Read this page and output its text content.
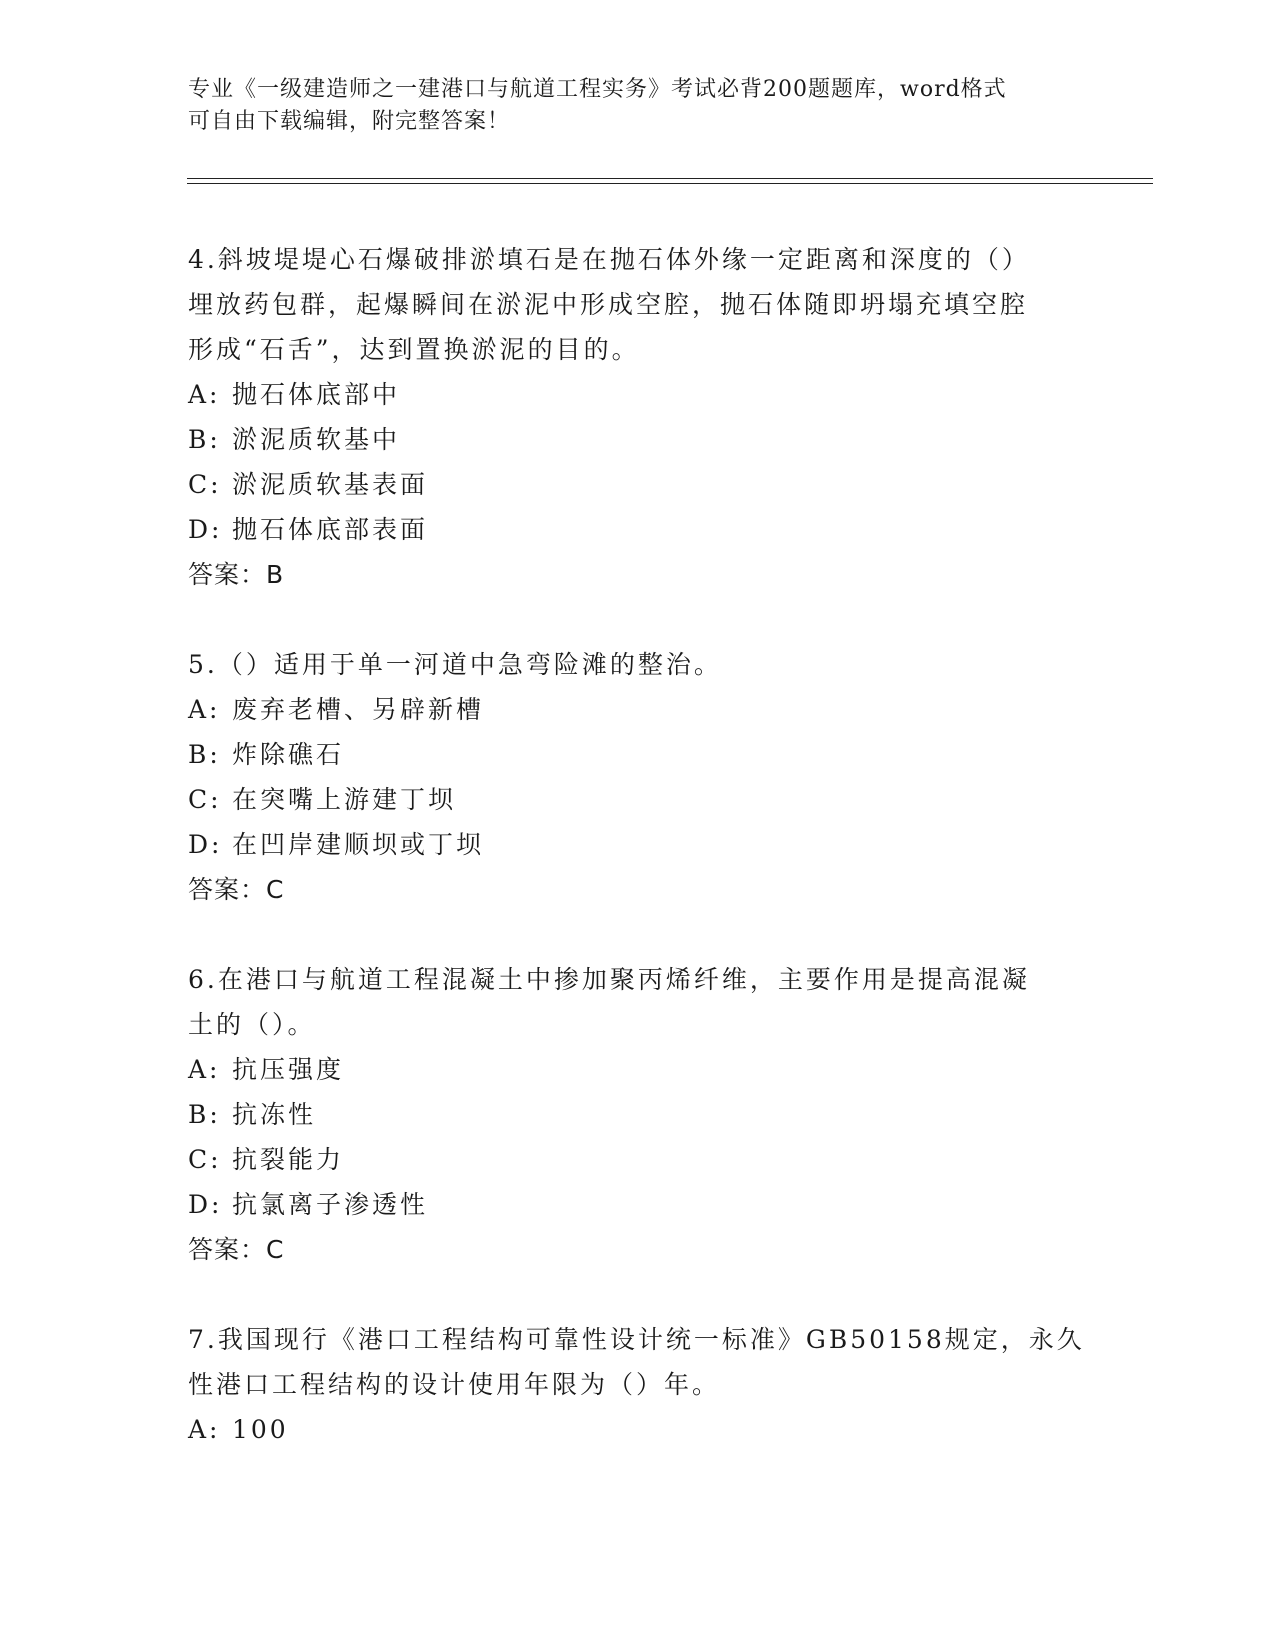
专业《一级建造师之一建港口与航道工程实务》考试必背200题题库，word格式
可自由下载编辑，附完整答案！
4.斜坡堤堤心石爆破排淤填石是在抛石体外缘一定距离和深度的（）
埋放药包群，起爆瞬间在淤泥中形成空腔，抛石体随即坍塌充填空腔
形成“石舌”，达到置换淤泥的目的。
A: 抛石体底部中
B: 淤泥质软基中
C: 淤泥质软基表面
D: 抛石体底部表面
答案：B
5.（）适用于单一河道中急弯险滩的整治。
A: 废弃老槽、另辟新槽
B: 炸除礁石
C: 在突嘴上游建丁坝
D: 在凹岸建顺坝或丁坝
答案：C
6.在港口与航道工程混凝土中掺加聚丙烯纤维，主要作用是提高混凝
土的（）。
A: 抗压强度
B: 抗冻性
C: 抗裂能力
D: 抗氯离子渗透性
答案：C
7.我国现行《港口工程结构可靠性设计统一标准》GB50158规定，永久
性港口工程结构的设计使用年限为（）年。
A: 100
